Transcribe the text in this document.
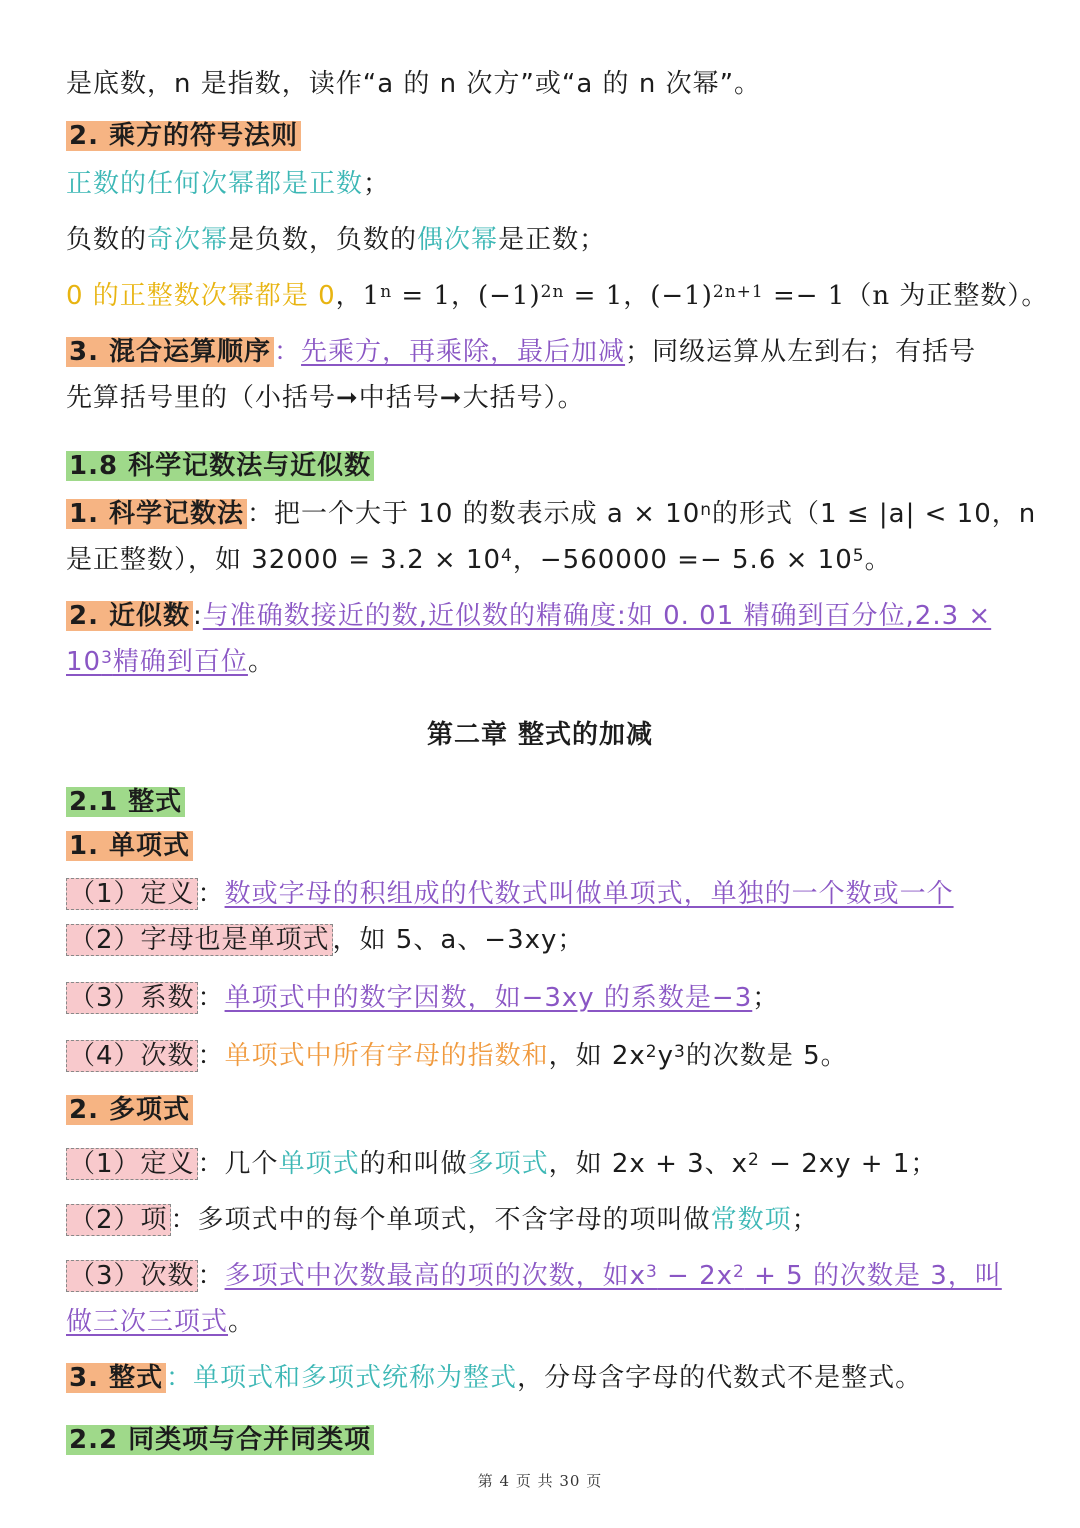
是底数，n 是指数，读作“a 的 n 次方”或“a 的 n 次幂”。
2. 乘方的符号法则
正数的任何次幂都是正数；
负数的奇次幂是负数，负数的偶次幂是正数；
0 的正整数次幂都是 0，$1^n = 1$，$(-1)^{2n} = 1$，$(-1)^{2n+1} =- 1(n$ 为正整数）。
3. 混合运算顺序 ：先乘方，再乘除，最后加减；同级运算从左到右；有括号
先算括号里的（小括号➞中括号➞大括号）。
1.8 科学记数法与近似数
1. 科学记数法 ：把一个大于 10 的数表示成 $a \times 10^n$的形式（1 ≤ |a| < 10，n
是正整数），如 $32000 = 3.2 \times 10^4$，$-560000 =- 5.6 \times 10^5$。
2. 近似数 :与准确数接近的数,近似数的精确度:如 0. 01 精确到百分位,2.3 ×
$10^3$精确到百位。
第二章 整式的加减
2.1 整式
1. 单项式
（1）定义 ：数或字母的积组成的代数式叫做单项式，单独的一个数或一个
（2）字母也是单项式 ，如 5、a、−3xy；
（3）系数 ：单项式中的数字因数，如−3xy 的系数是−3；
（4）次数 ：单项式中所有字母的指数和，如 $2x^2y^3$的次数是 5。
2. 多项式
（1）定义 ：几个单项式的和叫做多项式，如 2x + 3、$x^2 - 2xy + 1$；
（2）项 ：多项式中的每个单项式，不含字母的项叫做常数项；
（3）次数 ：多项式中次数最高的项的次数，如$x^3 - 2x^2 + 5$ 的次数是 3，叫
做三次三项式。
3. 整式 ：单项式和多项式统称为整式，分母含字母的代数式不是整式。
2.2 同类项与合并同类项
第 4 页 共 30 页
